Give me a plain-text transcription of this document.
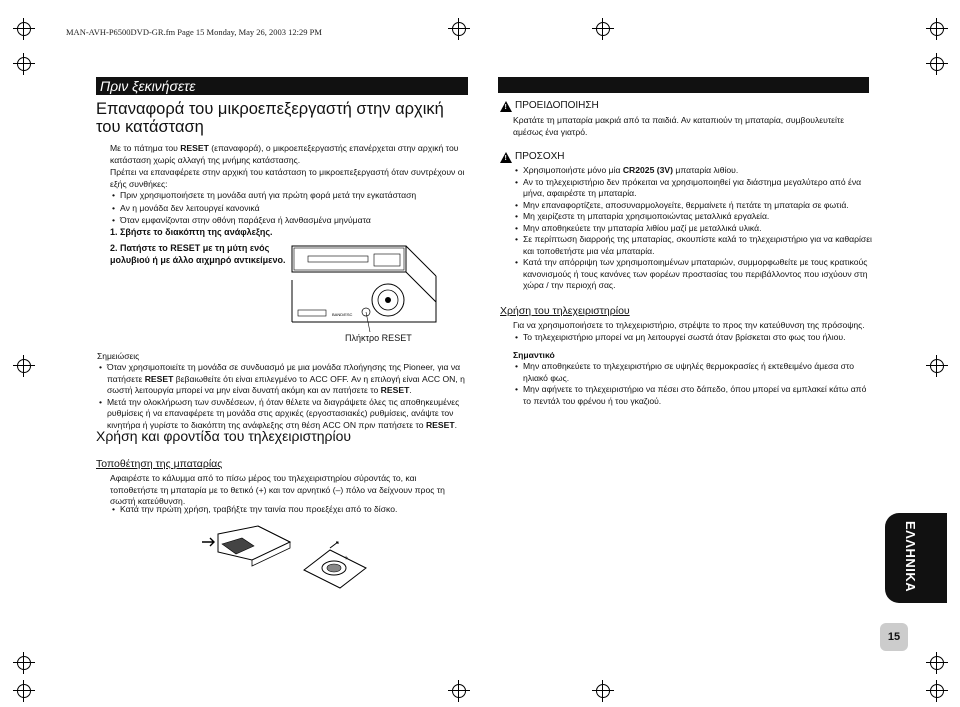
MAN-AVH-P6500DVD-GR.fm Page 15 Monday, May 26, 2003 12:29 PM
Πριν ξεκινήσετε
Επαναφορά του μικροεπεξεργαστή στην αρχική του κατάσταση
Με το πάτημα του RESET (επαναφορά), ο μικροεπεξεργαστής επανέρχεται στην αρχική του κατάσταση χωρίς αλλαγή της μνήμης κατάστασης.
Πρέπει να επαναφέρετε στην αρχική του κατάσταση το μικροεπεξεργαστή όταν συντρέχουν οι εξής συνθήκες:
• Πριν χρησιμοποιήσετε τη μονάδα αυτή για πρώτη φορά μετά την εγκατάσταση
• Αν η μονάδα δεν λειτουργεί κανονικά
• Όταν εμφανίζονται στην οθόνη παράξενα ή λανθασμένα μηνύματα
1. Σβήστε το διακόπτη της ανάφλεξης.
2. Πατήστε το RESET με τη μύτη ενός μολυβιού ή με άλλο αιχμηρό αντικείμενο.
BAND/ESC
Πλήκτρο RESET
Σημειώσεις
• Όταν χρησιμοποιείτε τη μονάδα σε συνδυασμό με μια μονάδα πλοήγησης της Pioneer, για να πατήσετε RESET βεβαιωθείτε ότι είναι επιλεγμένο το ACC OFF. Αν η επιλογή είναι ACC ON, η σωστή λειτουργία μπορεί να μην είναι δυνατή ακόμη και αν πατήσετε το RESET.
• Μετά την ολοκλήρωση των συνδέσεων, ή όταν θέλετε να διαγράψετε όλες τις αποθηκευμένες ρυθμίσεις ή να επαναφέρετε τη μονάδα στις αρχικές (εργοστασιακές) ρυθμίσεις, ανάψτε τον κινητήρα ή γυρίστε το διακόπτη της ανάφλεξης στη θέση ACC ON πριν πατήσετε το RESET.
Χρήση και φροντίδα του τηλεχειριστηρίου
Τοποθέτηση της μπαταρίας
Αφαιρέστε το κάλυμμα από το πίσω μέρος του τηλεχειριστηρίου σύροντάς το, και τοποθετήστε τη μπαταρία με το θετικό (+) και τον αρνητικό (–) πόλο να δείχνουν προς τη σωστή κατεύθυνση.
• Κατά την πρώτη χρήση, τραβήξτε την ταινία που προεξέχει από το δίσκο.
+
! ΠΡΟΕΙΔΟΠΟΙΗΣΗ
Κρατάτε τη μπαταρία μακριά από τα παιδιά. Αν καταπιούν τη μπαταρία, συμβουλευτείτε αμέσως ένα γιατρό.
! ΠΡΟΣΟΧΗ
• Χρησιμοποιήστε μόνο μία CR2025 (3V) μπαταρία λιθίου.
• Αν το τηλεχειριστήριο δεν πρόκειται να χρησιμοποιηθεί για διάστημα μεγαλύτερο από ένα μήνα, αφαιρέστε τη μπαταρία.
• Μην επαναφορτίζετε, αποσυναρμολογείτε, θερμαίνετε ή πετάτε τη μπαταρία σε φωτιά.
• Μη χειρίζεστε τη μπαταρία χρησιμοποιώντας μεταλλικά εργαλεία.
• Μην αποθηκεύετε την μπαταρία λιθίου μαζί με μεταλλικά υλικά.
• Σε περίπτωση διαρροής της μπαταρίας, σκουπίστε καλά το τηλεχειριστήριο για να καθαρίσει και τοποθετήστε μια νέα μπαταρία.
• Κατά την απόρριψη των χρησιμοποιημένων μπαταριών, συμμορφωθείτε με τους κρατικούς κανονισμούς ή τους κανόνες των φορέων προστασίας του περιβάλλοντος που ισχύουν στη χώρα / την περιοχή σας.
Χρήση του τηλεχειριστηρίου
Για να χρησιμοποιήσετε το τηλεχειριστήριο, στρέψτε το προς την κατεύθυνση της πρόσοψης.
• Το τηλεχειριστήριο μπορεί να μη λειτουργεί σωστά όταν βρίσκεται στο φως του ήλιου.
Σημαντικό
• Μην αποθηκεύετε το τηλεχειριστήριο σε υψηλές θερμοκρασίες ή εκτεθειμένο άμεσα στο ηλιακό φως.
• Μην αφήνετε το τηλεχειριστήριο να πέσει στο δάπεδο, όπου μπορεί να εμπλακεί κάτω από το πεντάλ του φρένου ή του γκαζιού.
ΕΛΛΗΝΙΚΑ
15
